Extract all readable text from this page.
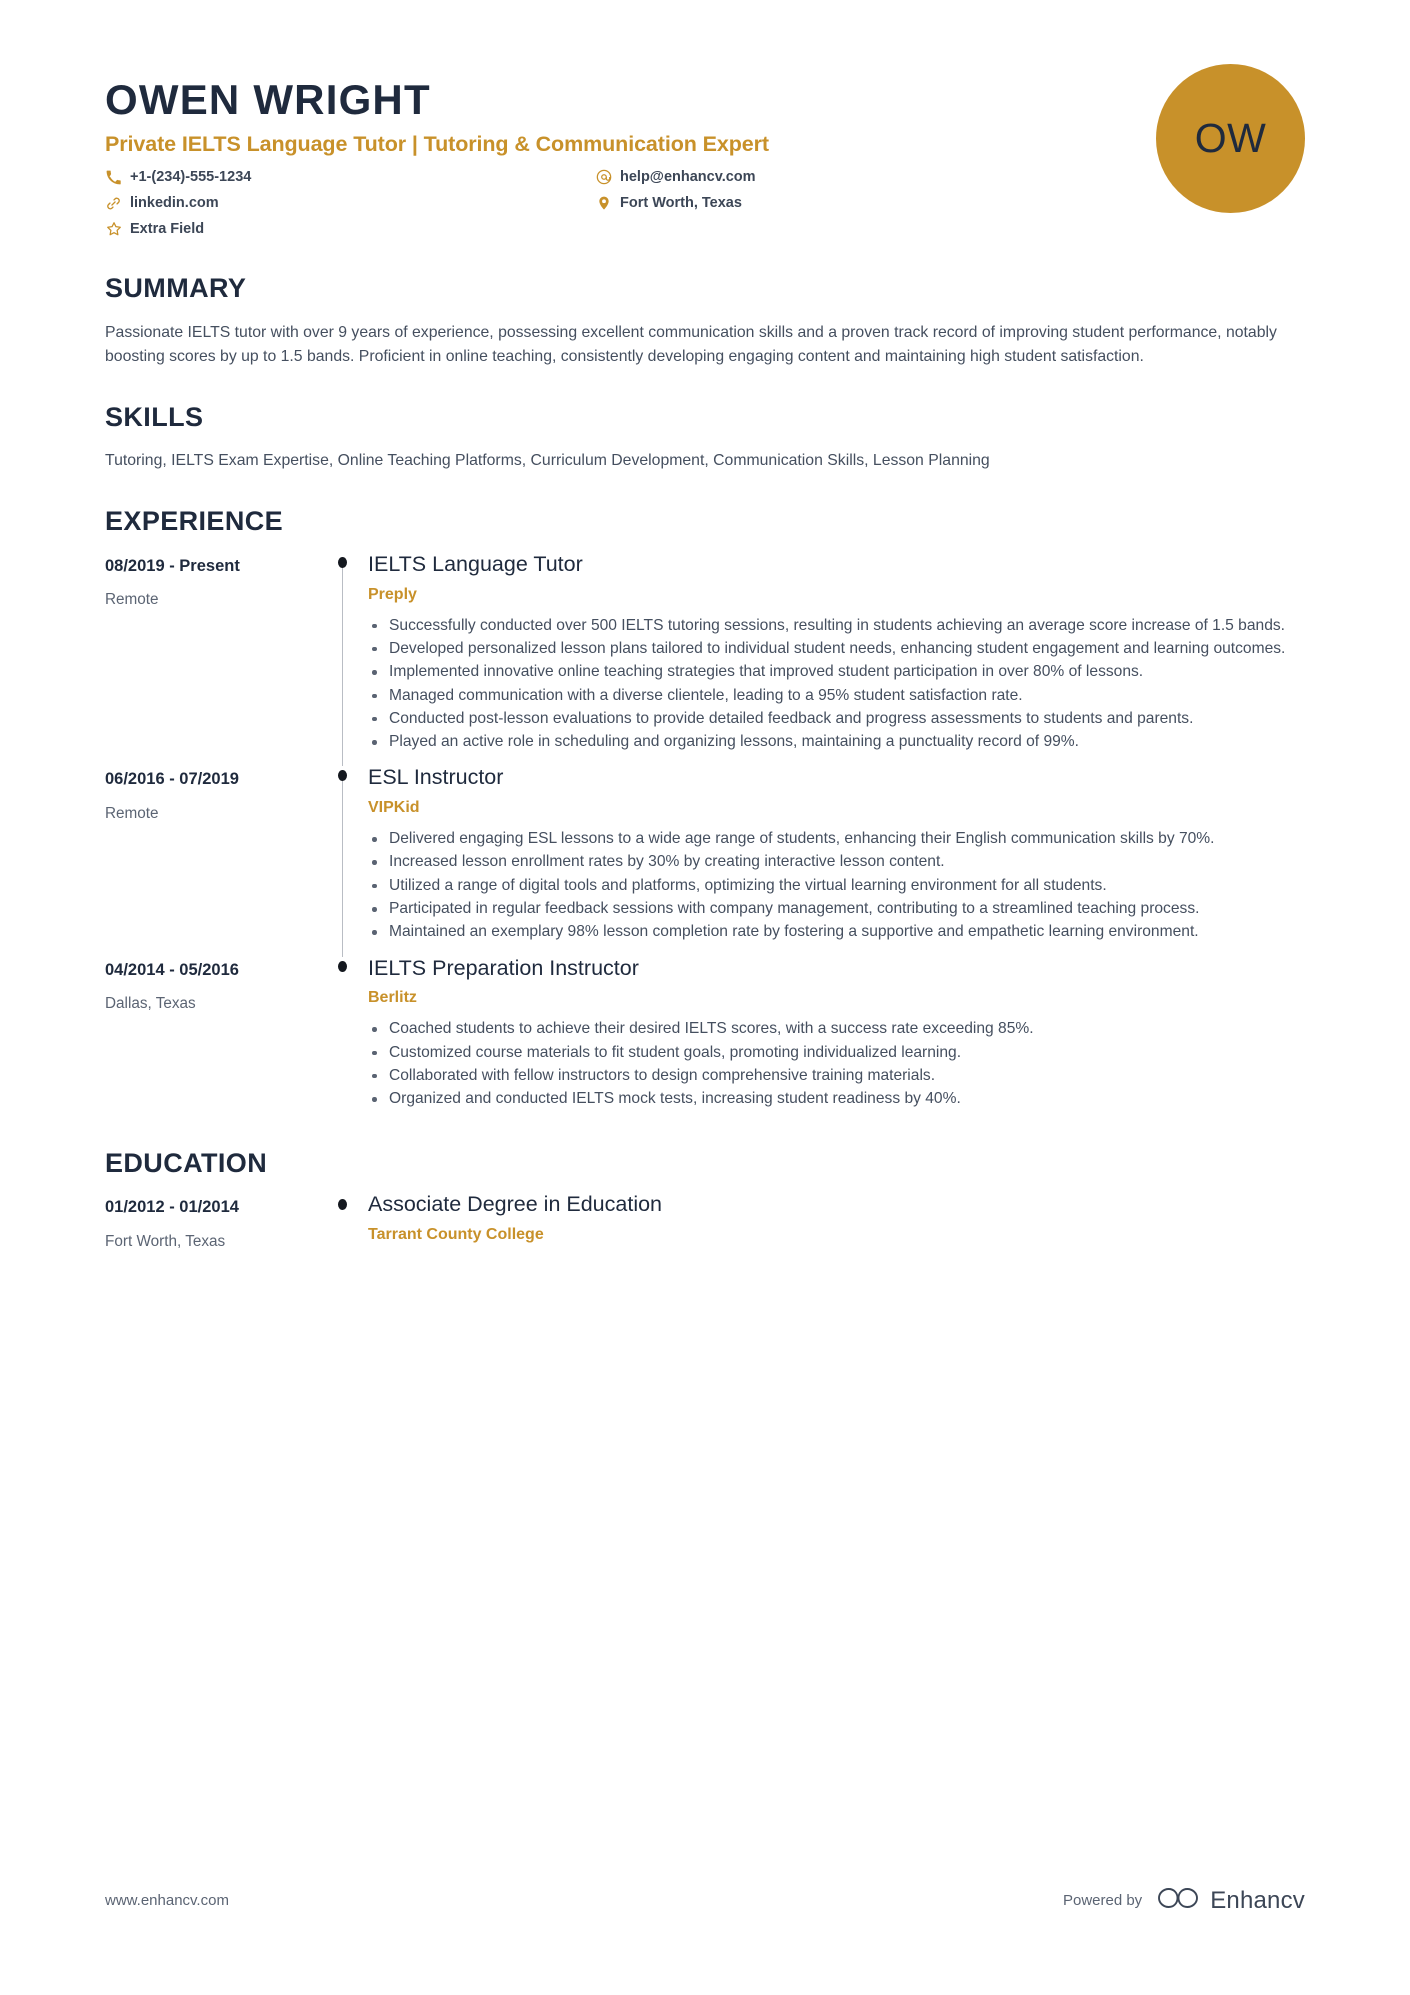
OWEN WRIGHT
Private IELTS Language Tutor | Tutoring & Communication Expert
+1-(234)-555-1234	help@enhancv.com
linkedin.com	Fort Worth, Texas
Extra Field
OW
SUMMARY
Passionate IELTS tutor with over 9 years of experience, possessing excellent communication skills and a proven track record of improving student performance, notably boosting scores by up to 1.5 bands. Proficient in online teaching, consistently developing engaging content and maintaining high student satisfaction.
SKILLS
Tutoring, IELTS Exam Expertise, Online Teaching Platforms, Curriculum Development, Communication Skills, Lesson Planning
EXPERIENCE
08/2019 - Present
Remote
IELTS Language Tutor
Preply
Successfully conducted over 500 IELTS tutoring sessions, resulting in students achieving an average score increase of 1.5 bands.
Developed personalized lesson plans tailored to individual student needs, enhancing student engagement and learning outcomes.
Implemented innovative online teaching strategies that improved student participation in over 80% of lessons.
Managed communication with a diverse clientele, leading to a 95% student satisfaction rate.
Conducted post-lesson evaluations to provide detailed feedback and progress assessments to students and parents.
Played an active role in scheduling and organizing lessons, maintaining a punctuality record of 99%.
06/2016 - 07/2019
Remote
ESL Instructor
VIPKid
Delivered engaging ESL lessons to a wide age range of students, enhancing their English communication skills by 70%.
Increased lesson enrollment rates by 30% by creating interactive lesson content.
Utilized a range of digital tools and platforms, optimizing the virtual learning environment for all students.
Participated in regular feedback sessions with company management, contributing to a streamlined teaching process.
Maintained an exemplary 98% lesson completion rate by fostering a supportive and empathetic learning environment.
04/2014 - 05/2016
Dallas, Texas
IELTS Preparation Instructor
Berlitz
Coached students to achieve their desired IELTS scores, with a success rate exceeding 85%.
Customized course materials to fit student goals, promoting individualized learning.
Collaborated with fellow instructors to design comprehensive training materials.
Organized and conducted IELTS mock tests, increasing student readiness by 40%.
EDUCATION
01/2012 - 01/2014
Fort Worth, Texas
Associate Degree in Education
Tarrant County College
www.enhancv.com	Powered by	Enhancv
